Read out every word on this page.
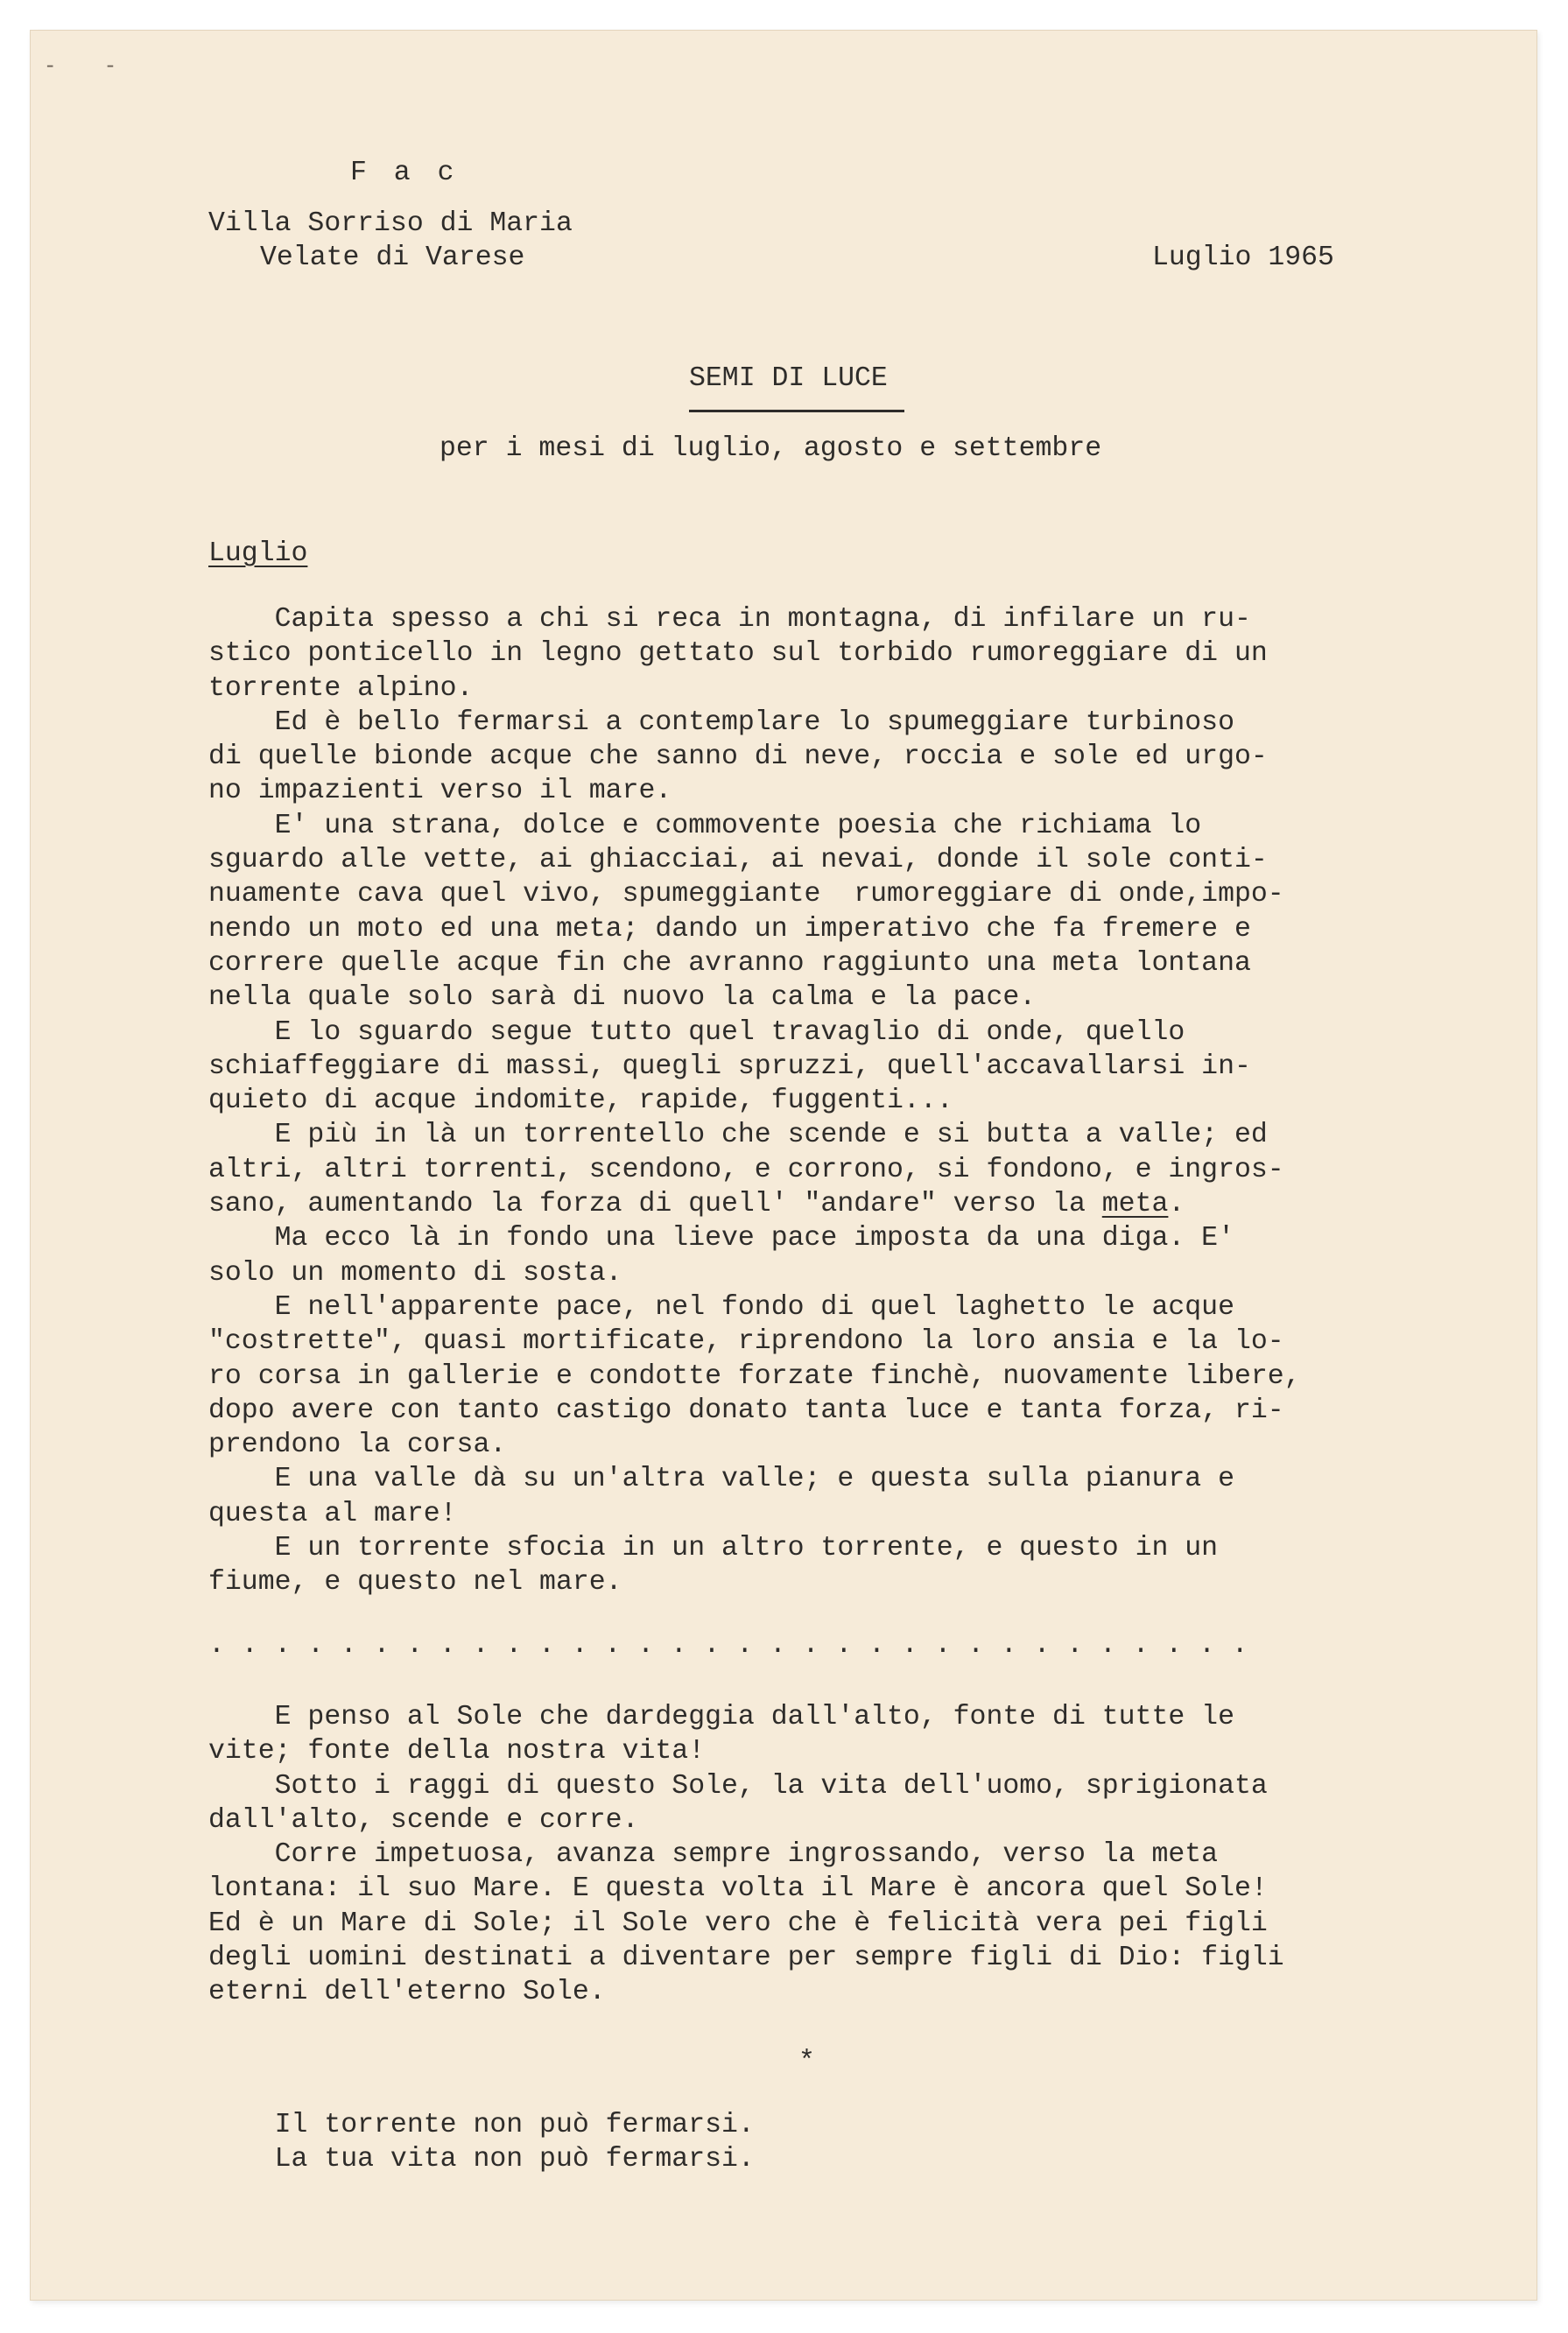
- -
F a c
Villa Sorriso di Maria
Velate di Varese	Luglio 1965
SEMI DI LUCE
per i mesi di luglio, agosto e settembre
Luglio
Capita spesso a chi si reca in montagna, di infilare un ru-
stico ponticello in legno gettato sul torbido rumoreggiare di un
torrente alpino.
Ed è bello fermarsi a contemplare lo spumeggiare turbinoso
di quelle bionde acque che sanno di neve, roccia e sole ed urgo-
no impazienti verso il mare.
E' una strana, dolce e commovente poesia che richiama lo
sguardo alle vette, ai ghiacciai, ai nevai, donde il sole conti-
nuamente cava quel vivo, spumeggiante  rumoreggiare di onde,impo-
nendo un moto ed una meta; dando un imperativo che fa fremere e
correre quelle acque fin che avranno raggiunto una meta lontana
nella quale solo sarà di nuovo la calma e la pace.
E lo sguardo segue tutto quel travaglio di onde, quello
schiaffeggiare di massi, quegli spruzzi, quell'accavallarsi in-
quieto di acque indomite, rapide, fuggenti...
E più in là un torrentello che scende e si butta a valle; ed
altri, altri torrenti, scendono, e corrono, si fondono, e ingros-
sano, aumentando la forza di quell' "andare" verso la meta.
Ma ecco là in fondo una lieve pace imposta da una diga. E'
solo un momento di sosta.
E nell'apparente pace, nel fondo di quel laghetto le acque
"costrette", quasi mortificate, riprendono la loro ansia e la lo-
ro corsa in gallerie e condotte forzate finchè, nuovamente libere,
dopo avere con tanto castigo donato tanta luce e tanta forza, ri-
prendono la corsa.
E una valle dà su un'altra valle; e questa sulla pianura e
questa al mare!
E un torrente sfocia in un altro torrente, e questo in un
fiume, e questo nel mare.
................................
E penso al Sole che dardeggia dall'alto, fonte di tutte le
vite; fonte della nostra vita!
Sotto i raggi di questo Sole, la vita dell'uomo, sprigionata
dall'alto, scende e corre.
Corre impetuosa, avanza sempre ingrossando, verso la meta
lontana: il suo Mare. E questa volta il Mare è ancora quel Sole!
Ed è un Mare di Sole; il Sole vero che è felicità vera pei figli
degli uomini destinati a diventare per sempre figli di Dio: figli
eterni dell'eterno Sole.
*
Il torrente non può fermarsi.
La tua vita non può fermarsi.
